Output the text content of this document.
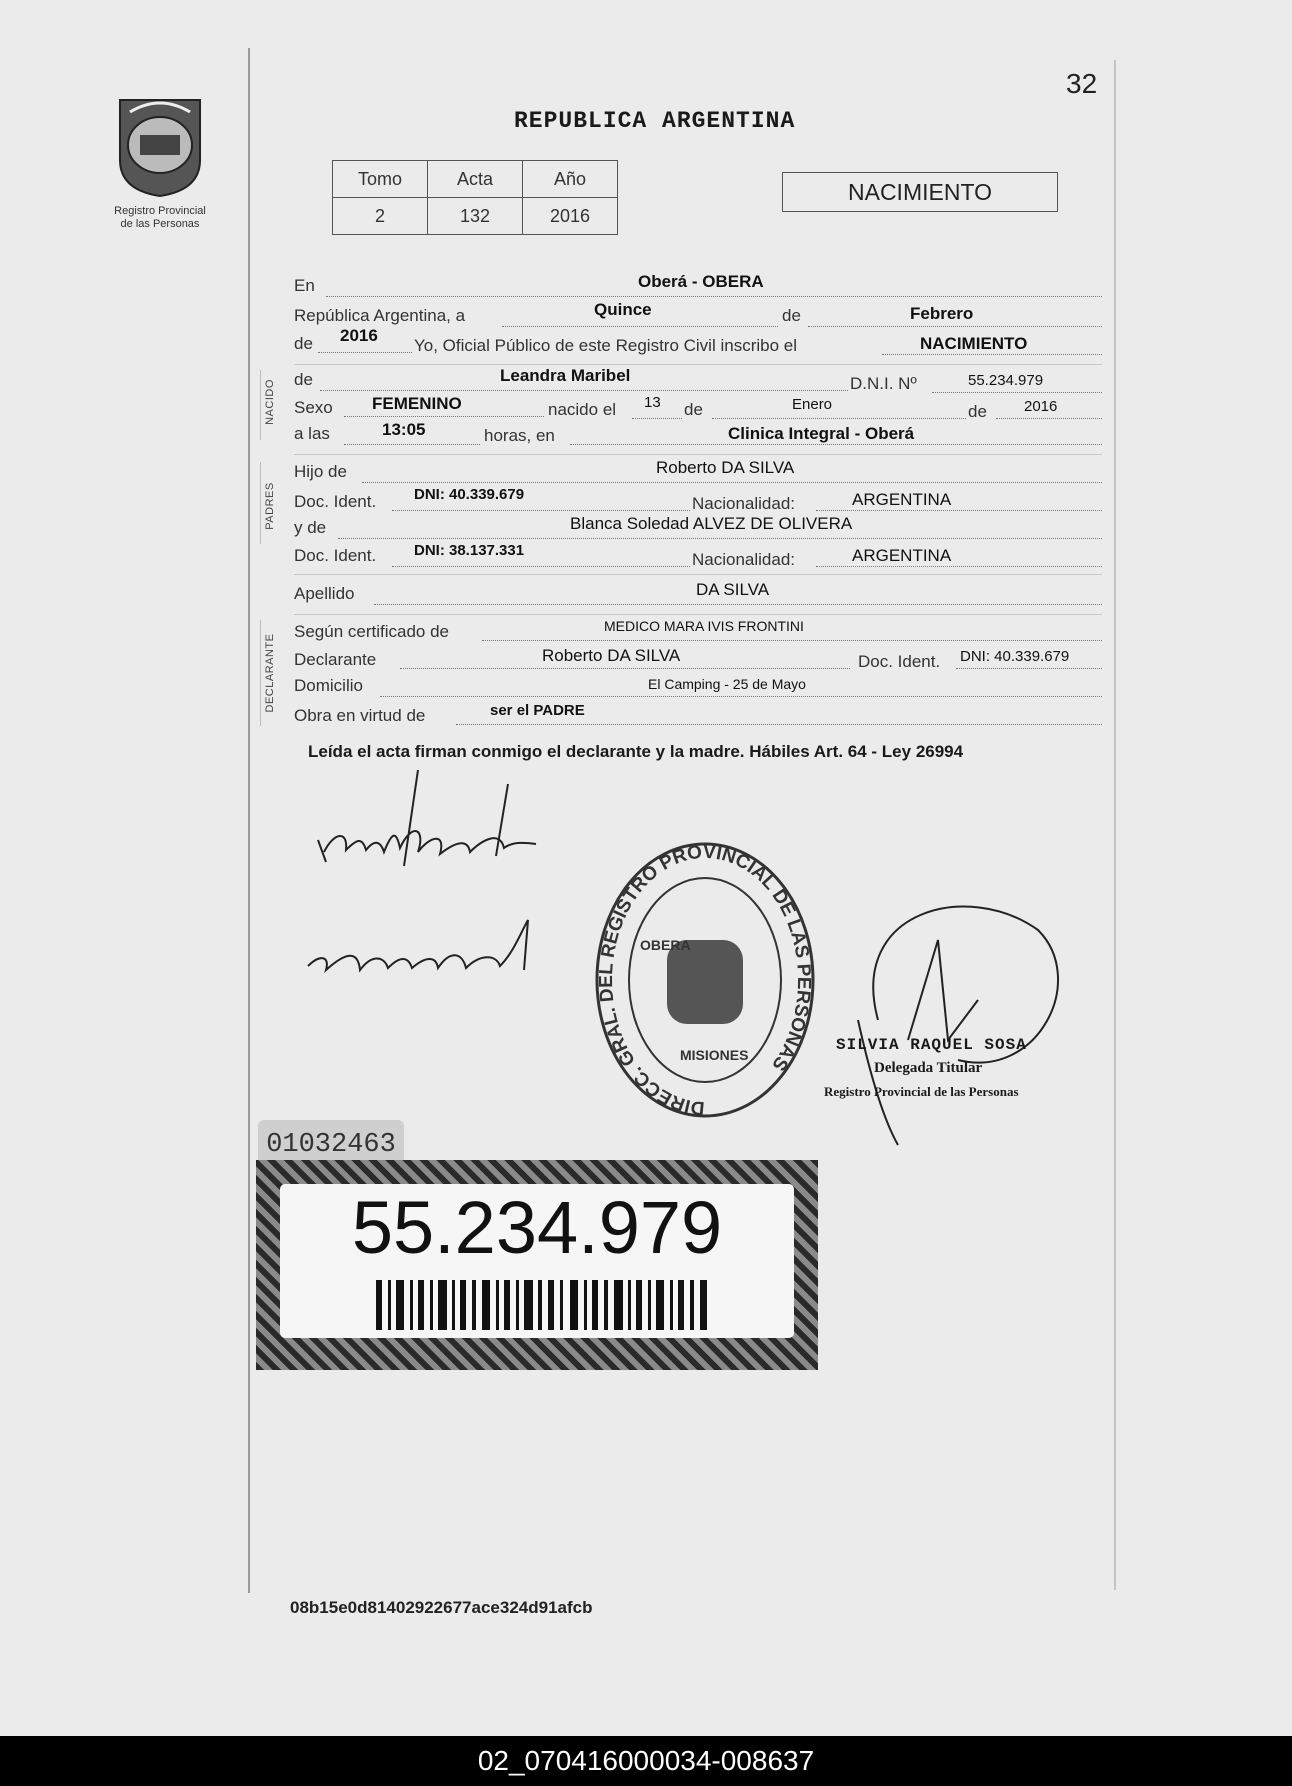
Registro Provincial
de las Personas
32
REPUBLICA ARGENTINA
Tomo	Acta	Año
2	132	2016
NACIMIENTO
NACIDO
PADRES
DECLARANTE
En	Oberá - OBERA
República Argentina, a	Quince	de	Febrero
de 2016
Yo, Oficial Público de este Registro Civil inscribo el	NACIMIENTO
de	Leandra Maribel	D.N.I. Nº	55.234.979
Sexo FEMENINO	nacido el 13 de	Enero	de 2016
a las	13:05	horas, en	Clinica Integral - Oberá
Hijo de	Roberto DA SILVA
Doc. Ident.	DNI: 40.339.679	Nacionalidad:	ARGENTINA
y de	Blanca Soledad ALVEZ DE OLIVERA
Doc. Ident.	DNI: 38.137.331	Nacionalidad:	ARGENTINA
Apellido	DA SILVA
Según certificado de	MEDICO MARA IVIS FRONTINI
Declarante	Roberto DA SILVA	Doc. Ident. DNI: 40.339.679
Domicilio	El Camping - 25 de Mayo
Obra en virtud de	ser el PADRE
Leída el acta firman conmigo el declarante y la madre. Hábiles Art. 64 - Ley 26994
DIRECC. GRAL. DEL REGISTRO PROVINCIAL DE LAS PERSONAS
OBERA
MISIONES
SILVIA RAQUEL SOSA
Delegada Titular
Registro Provincial de las Personas
01032463
55.234.979
08b15e0d81402922677ace324d91afcb
02_070416000034-008637
